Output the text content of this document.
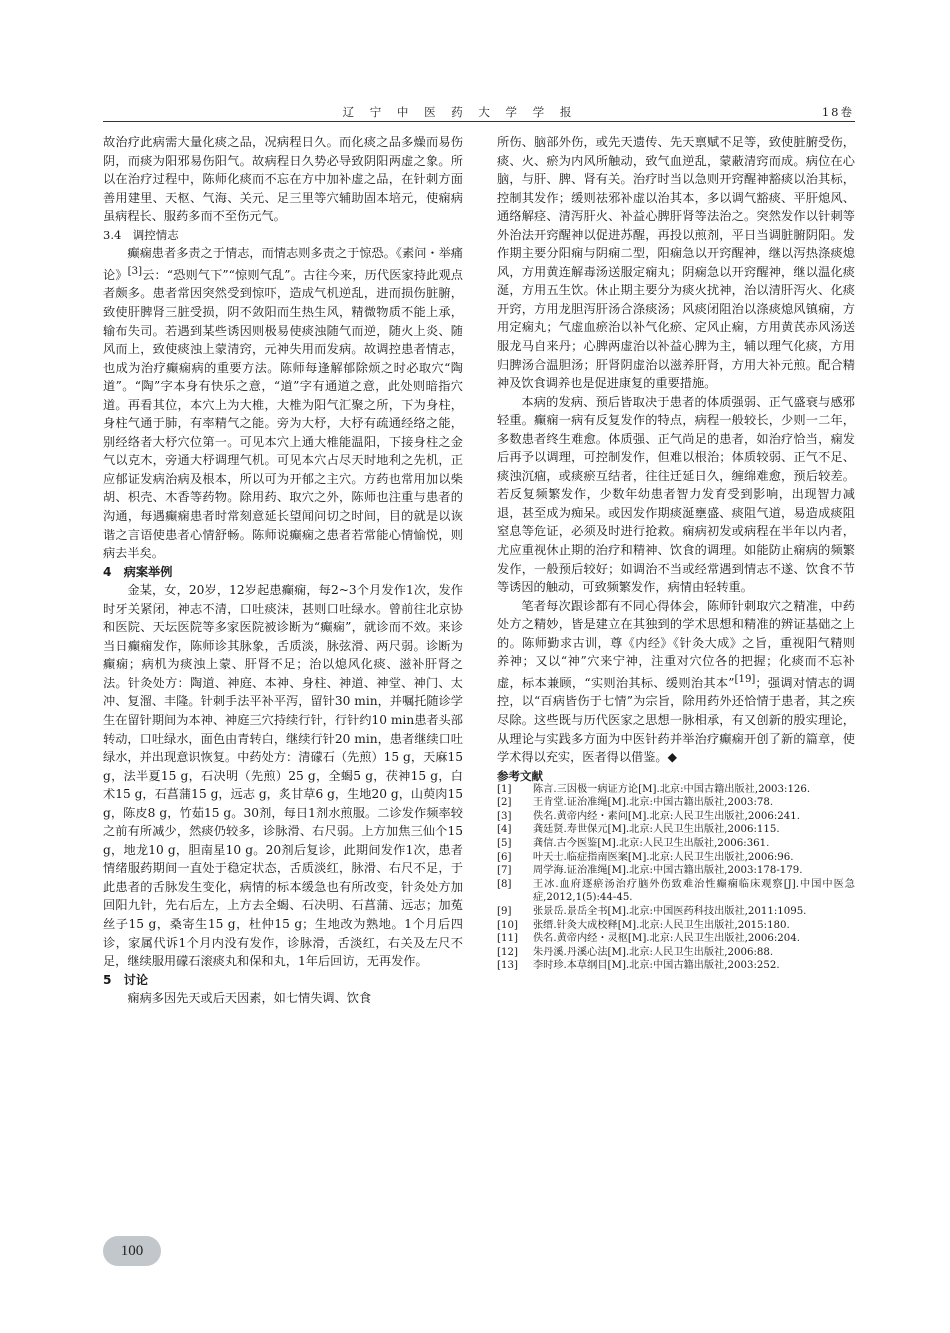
辽 宁 中 医 药 大 学 学 报	18卷

故治疗此病需大量化痰之品，况病程日久。而化痰之品多燥而易伤阴，而痰为阳邪易伤阳气。故病程日久势必导致阴阳两虚之象。所以在治疗过程中，陈师化痰而不忘在方中加补虚之品，在针刺方面善用建里、天枢、气海、关元、足三里等穴辅助固本培元，使痫病虽病程长、服药多而不至伤元气。

3.4　调控情志

癫痫患者多责之于情志，而情志则多责之于惊恐。《素问・举痛论》[3]云：“恐则气下”“惊则气乱”。古往今来，历代医家持此观点者颇多。患者常因突然受到惊吓，造成气机逆乱，进而损伤脏腑，致使肝脾肾三脏受损，阴不敛阳而生热生风，精微物质不能上承，输布失司。若遇到某些诱因则极易使痰浊随气而逆，随火上炎、随风而上，致使痰浊上蒙清窍，元神失用而发病。故调控患者情志，也成为治疗癫痫病的重要方法。陈师每逢解郁除烦之时必取穴“陶道”。“陶”字本身有快乐之意，“道”字有通道之意，此处则暗指穴道。再看其位，本穴上为大椎，大椎为阳气汇聚之所，下为身柱，身柱气通于肺，有率精气之能。旁为大杼，大杼有疏通经络之能，别经络者大杼穴位第一。可见本穴上通大椎能温阳，下接身柱之金气以克木，旁通大杼调理气机。可见本穴占尽天时地利之先机，正应郁证发病治病及根本，所以可为开郁之主穴。方药也常用加以柴胡、枳壳、木香等药物。除用药、取穴之外，陈师也注重与患者的沟通，每遇癫痫患者时常刻意延长望闻问切之时间，目的就是以诙谐之言语使患者心情舒畅。陈师说癫痫之患者若常能心情愉悦，则病去半矣。

4　病案举例

金某，女，20岁，12岁起患癫痫，每2~3个月发作1次，发作时牙关紧闭，神志不清，口吐痰沫，甚则口吐绿水。曾前往北京协和医院、天坛医院等多家医院被诊断为“癫痫”，就诊而不效。来诊当日癫痫发作，陈师诊其脉象，舌质淡，脉弦滑、两尺弱。诊断为癫痫；病机为痰浊上蒙、肝肾不足；治以熄风化痰、滋补肝肾之法。针灸处方：陶道、神庭、本神、身柱、神道、神堂、神门、太冲、复溜、丰隆。针刺手法平补平泻，留针30 min，并嘱托随诊学生在留针期间为本神、神庭三穴持续行针，行针约10 min患者头部转动，口吐绿水，面色由青转白，继续行针20 min，患者继续口吐绿水，并出现意识恢复。中药处方：清礞石（先煎）15 g，天麻15 g，法半夏15 g，石决明（先煎）25 g，全蝎5 g，茯神15 g，白术15 g，石菖蒲15 g，远志 g，炙甘草6 g，生地20 g，山萸肉15 g，陈皮8 g，竹茹15 g。30剂，每日1剂水煎服。二诊发作频率较之前有所减少，然痰仍较多，诊脉滑、右尺弱。上方加焦三仙个15 g，地龙10 g，胆南星10 g。20剂后复诊，此期间发作1次，患者情绪服药期间一直处于稳定状态，舌质淡红，脉滑、右尺不足，于此患者的舌脉发生变化，病情的标本缓急也有所改变，针灸处方加回阳九针，先右后左，上方去全蝎、石决明、石菖蒲、远志；加菟丝子15 g，桑寄生15 g，杜仲15 g；生地改为熟地。1个月后四诊，家属代诉1个月内没有发作，诊脉滑，舌淡红，右关及左尺不足，继续服用礞石滚痰丸和保和丸，1年后回访，无再发作。

5　讨论

痫病多因先天或后天因素，如七情失调、饮食

所伤、脑部外伤，或先天遗传、先天禀赋不足等，致使脏腑受伤，痰、火、瘀为内风所触动，致气血逆乱，蒙蔽清窍而成。病位在心脑，与肝、脾、肾有关。治疗时当以急则开窍醒神豁痰以治其标，控制其发作；缓则祛邪补虚以治其本，多以调气豁痰、平肝熄风、通络解痉、清泻肝火、补益心脾肝肾等法治之。突然发作以针刺等外治法开窍醒神以促进苏醒，再投以煎剂，平日当调脏腑阴阳。发作期主要分阳痫与阴痫二型，阳痫急以开窍醒神，继以泻热涤痰熄风，方用黄连解毒汤送服定痫丸；阴痫急以开窍醒神，继以温化痰涎，方用五生饮。休止期主要分为痰火扰神，治以清肝泻火、化痰开窍，方用龙胆泻肝汤合涤痰汤；风痰闭阻治以涤痰熄风镇痫，方用定痫丸；气虚血瘀治以补气化瘀、定风止痫，方用黄芪赤风汤送服龙马自来丹；心脾两虚治以补益心脾为主，辅以理气化痰，方用归脾汤合温胆汤；肝肾阴虚治以滋养肝肾，方用大补元煎。配合精神及饮食调养也是促进康复的重要措施。

本病的发病、预后皆取决于患者的体质强弱、正气盛衰与感邪轻重。癫痫一病有反复发作的特点，病程一般较长，少则一二年，多数患者终生难愈。体质强、正气尚足的患者，如治疗恰当，痫发后再予以调理，可控制发作，但难以根治；体质较弱、正气不足、痰浊沉痼，或痰瘀互结者，往往迁延日久，缠绵难愈，预后较差。若反复频繁发作，少数年幼患者智力发育受到影响，出现智力减退，甚至成为痴呆。或因发作期痰涎壅盛、痰阻气道，易造成痰阻窒息等危证，必须及时进行抢救。痫病初发或病程在半年以内者，尤应重视休止期的治疗和精神、饮食的调理。如能防止痫病的频繁发作，一般预后较好；如调治不当或经常遇到情志不遂、饮食不节等诱因的触动，可致频繁发作，病情由轻转重。

笔者每次跟诊都有不同心得体会，陈师针刺取穴之精准，中药处方之精妙，皆是建立在其独到的学术思想和精准的辨证基础之上的。陈师勤求古训，尊《内经》《针灸大成》之旨，重视阳气精则养神；又以“神”穴来宁神，注重对穴位各的把握；化痰而不忘补虚，标本兼顾，“实则治其标、缓则治其本”[19]；强调对情志的调控，以“百病皆伤于七情”为宗旨，除用药外还恰情于患者，其之疾尽除。这些既与历代医家之思想一脉相承，有又创新的殷实理论，从理论与实践多方面为中医针药并举治疗癫痫开创了新的篇章，使学术得以充实，医者得以借鉴。◆

参考文献

[1]	陈言.三因极一病证方论[M].北京:中国古籍出版社,2003:126.
[2]	王肯堂.证治准绳[M].北京:中国古籍出版社,2003:78.
[3]	佚名.黄帝内经・素问[M].北京:人民卫生出版社,2006:241.
[4]	龚廷贤.寿世保元[M].北京:人民卫生出版社,2006:115.
[5]	龚信.古今医鉴[M].北京:人民卫生出版社,2006:361.
[6]	叶天士.临症指南医案[M].北京:人民卫生出版社,2006:96.
[7]	周学海.证治准绳[M].北京:中国古籍出版社,2003:178-179.
[8]	王冰.血府逐瘀汤治疗脑外伤致难治性癫痫临床观察[J].中国中医急症,2012,1(5):44-45.
[9]	张景岳.景岳全书[M].北京:中国医药科技出版社,2011:1095.
[10]	张缙.针灸大成校释[M].北京:人民卫生出版社,2015:180.
[11]	佚名.黄帝内经・灵枢[M].北京:人民卫生出版社,2006:204.
[12]	朱丹溪.丹溪心法[M].北京:人民卫生出版社,2006:88.
[13]	李时珍.本草纲目[M].北京:中国古籍出版社,2003:252.
100
